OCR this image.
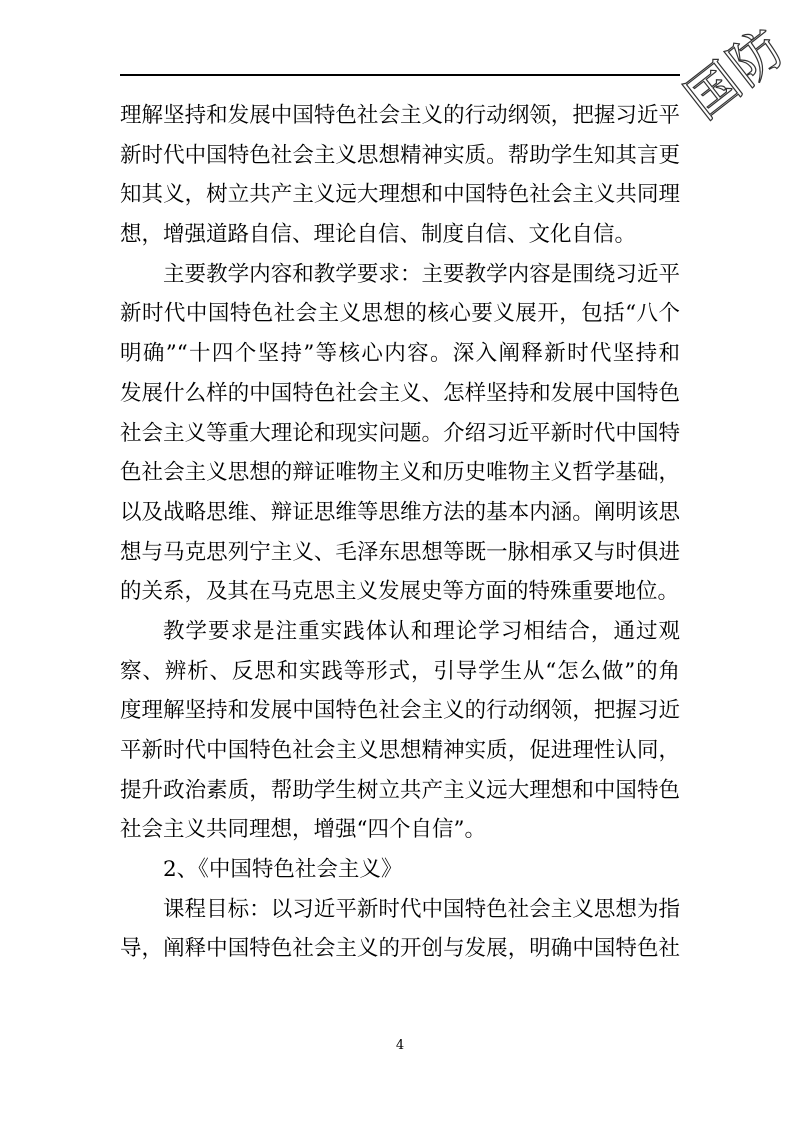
国防
理解坚持和发展中国特色社会主义的行动纲领，把握习近平
新时代中国特色社会主义思想精神实质。帮助学生知其言更
知其义，树立共产主义远大理想和中国特色社会主义共同理
想，增强道路自信、理论自信、制度自信、文化自信。
主要教学内容和教学要求：主要教学内容是围绕习近平
新时代中国特色社会主义思想的核心要义展开，包括“八个
明确”“十四个坚持”等核心内容。深入阐释新时代坚持和
发展什么样的中国特色社会主义、怎样坚持和发展中国特色
社会主义等重大理论和现实问题。介绍习近平新时代中国特
色社会主义思想的辩证唯物主义和历史唯物主义哲学基础，
以及战略思维、辩证思维等思维方法的基本内涵。阐明该思
想与马克思列宁主义、毛泽东思想等既一脉相承又与时俱进
的关系，及其在马克思主义发展史等方面的特殊重要地位。
教学要求是注重实践体认和理论学习相结合，通过观
察、辨析、反思和实践等形式，引导学生从“怎么做”的角
度理解坚持和发展中国特色社会主义的行动纲领，把握习近
平新时代中国特色社会主义思想精神实质，促进理性认同，
提升政治素质，帮助学生树立共产主义远大理想和中国特色
社会主义共同理想，增强“四个自信”。
2、《中国特色社会主义》
课程目标：以习近平新时代中国特色社会主义思想为指
导，阐释中国特色社会主义的开创与发展，明确中国特色社
4
